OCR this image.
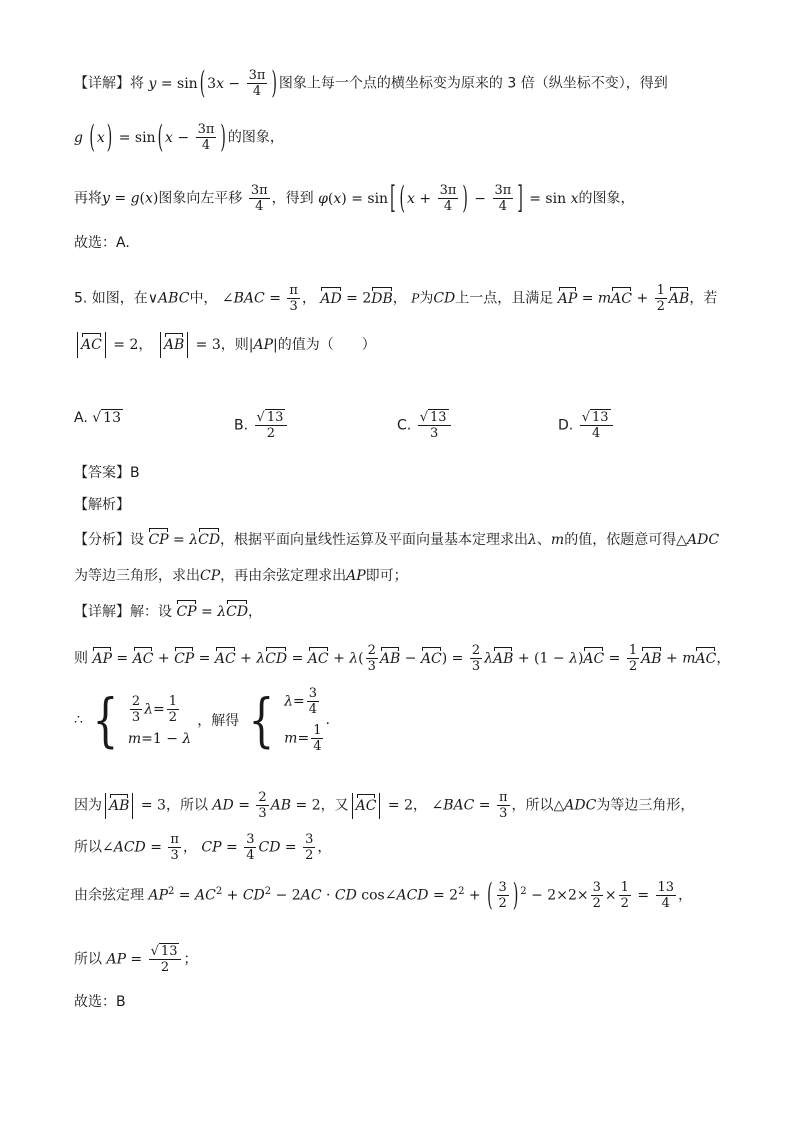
【详解】将 y = sin ( $3x - \frac{3\pi}{4}$ ) 图象上每一个点的横坐标变为原来的 3 倍（纵坐标不变），得到
g ( x ) = sin ( $x - \frac{3\pi}{4}$ ) 的图象，
再将y = g(x)图象向左平移 $\frac{3\pi}{4}$ ，得到 φ(x) = sin [ ( $x + \frac{3\pi}{4}$ ) − $\frac{3\pi}{4}$ ] = sin x的图象，
故选：A.
5. 如图，在∨ABC中， ∠BAC = $\frac{\pi}{3}$ ， AD = 2DB， P为CD上一点，且满足 AP = mAC + $\frac{1}{2}$ AB，若
AC = 2， AB = 3，则|AP|的值为（　　）
A. √ 13	B. $\frac{√ 13}{2}$	C. $\frac{√ 13}{3}$	D. $\frac{√ 13}{4}$
【答案】B
【解析】
【分析】设 CP = λCD，根据平面向量线性运算及平面向量基本定理求出λ、m的值，依题意可得△ADC
为等边三角形，求出CP，再由余弦定理求出AP即可；
【详解】解：设 CP = λCD，
则 AP = AC + CP = AC + λCD = AC + $\lambda( \frac{2}{3}$ AB − $AC) = \frac{2}{3}$ $\lambda AB + (1 - \lambda)AC = \frac{1}{2}$ AB + mAC，
∴ { $\frac{2}{3} \lambda= \frac{1}{2}$
m=1 − λ
，解得 { $\lambda= \frac{3}{4}$
$m= \frac{1}{4}$
.
因为 AB = 3，所以 AD = $\frac{2}{3}$ AB = 2，又 AC = 2， ∠BAC = $\frac{\pi}{3}$ ，所以△ADC为等边三角形，
所以∠ACD = $\frac{\pi}{3}$ ， CP = $\frac{3}{4}$ CD = $\frac{3}{2}$ ，
由余弦定理 $AP^2 = AC^2 + CD^2 - 2AC$ · CD cos∠ACD = $2^2$ + ( $\frac{3}{2}$ ) $^2 - 2\times 2\times \frac{3}{2} \times \frac{1}{2} = \frac{13}{4}$ ，
所以 AP = $\frac{√ 13}{2}$ ；
故选：B
